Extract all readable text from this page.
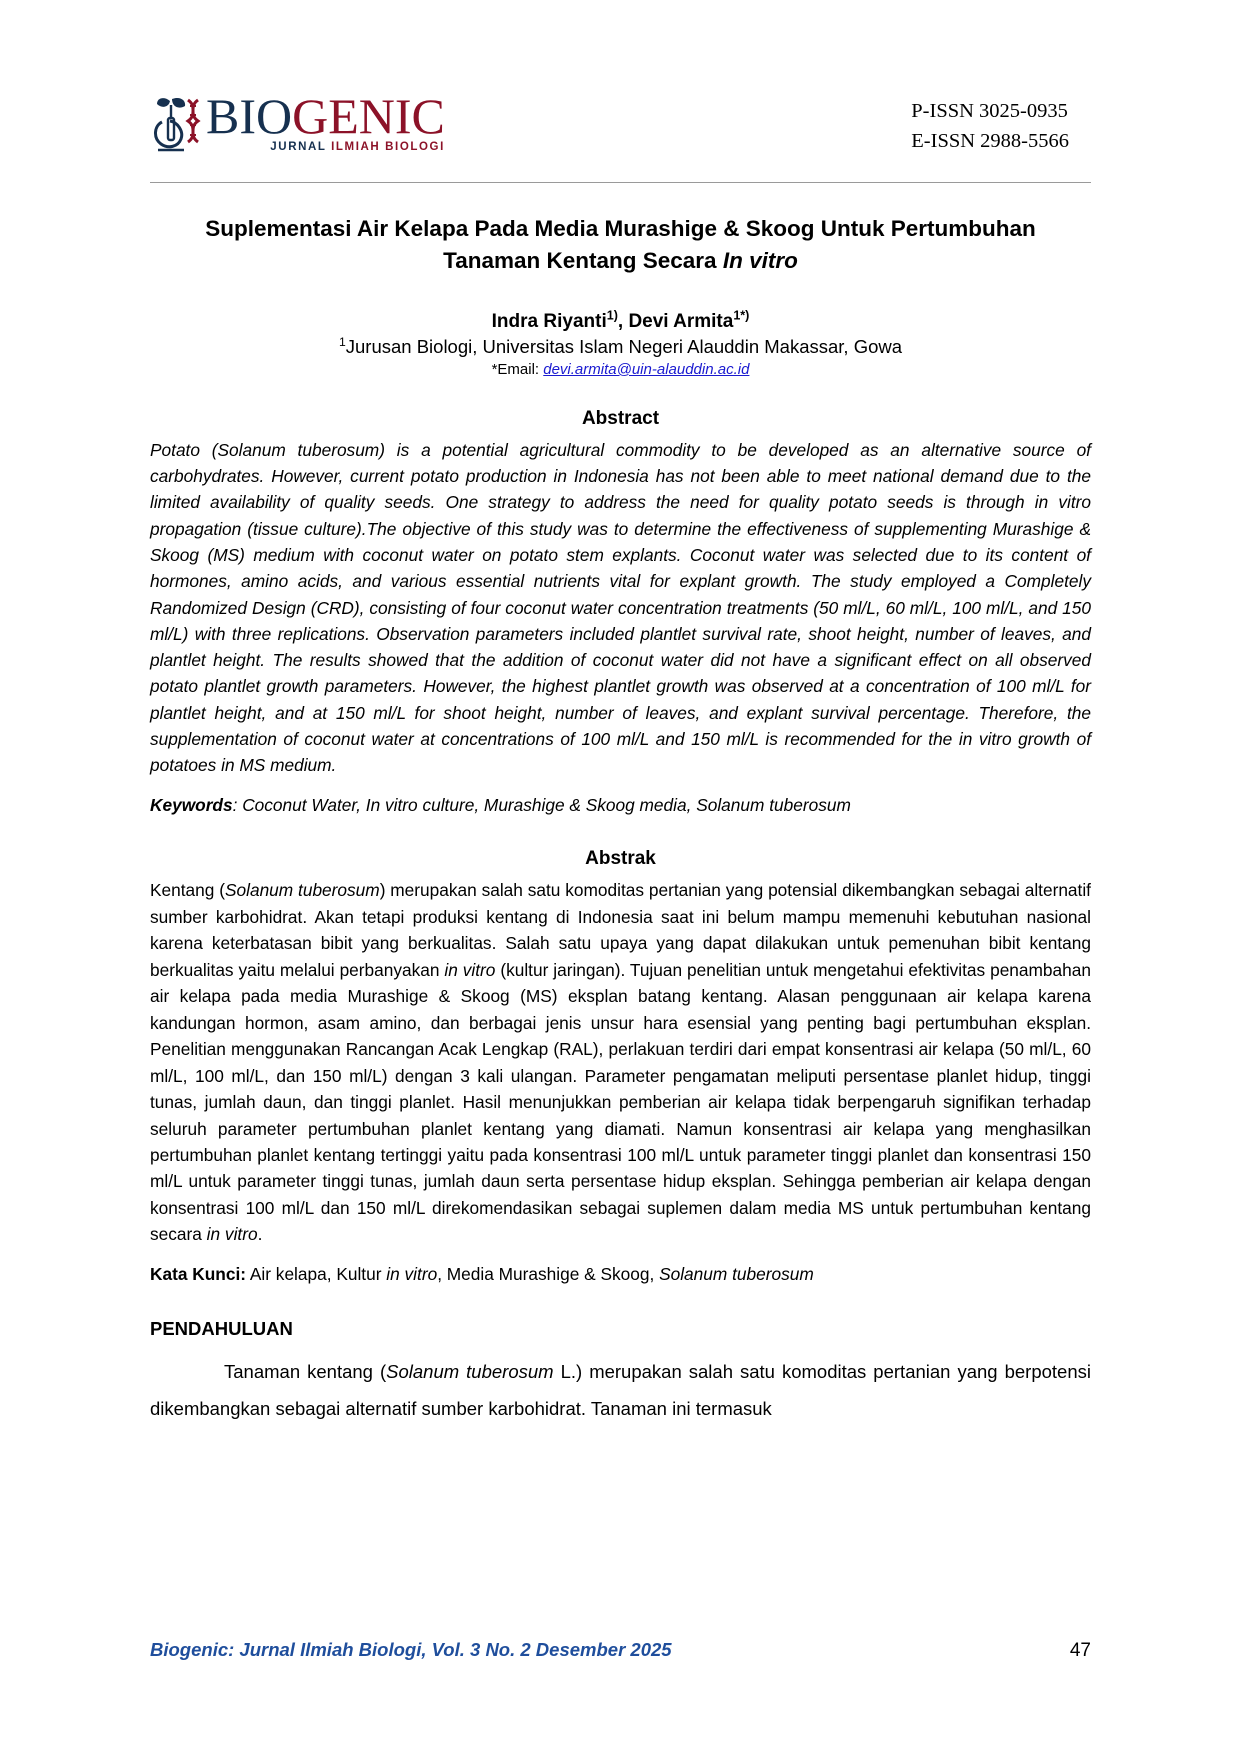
BIOGENIC
JURNAL ILMIAH BIOLOGI
P-ISSN 3025-0935
E-ISSN 2988-5566
Suplementasi Air Kelapa Pada Media Murashige & Skoog Untuk Pertumbuhan Tanaman Kentang Secara In vitro
Indra Riyanti$^{1)}$, Devi Armita$^{1*)}$
$^1$Jurusan Biologi, Universitas Islam Negeri Alauddin Makassar, Gowa
*Email: devi.armita@uin-alauddin.ac.id
Abstract
Potato (Solanum tuberosum) is a potential agricultural commodity to be developed as an alternative source of carbohydrates. However, current potato production in Indonesia has not been able to meet national demand due to the limited availability of quality seeds. One strategy to address the need for quality potato seeds is through in vitro propagation (tissue culture).The objective of this study was to determine the effectiveness of supplementing Murashige & Skoog (MS) medium with coconut water on potato stem explants. Coconut water was selected due to its content of hormones, amino acids, and various essential nutrients vital for explant growth. The study employed a Completely Randomized Design (CRD), consisting of four coconut water concentration treatments (50 ml/L, 60 ml/L, 100 ml/L, and 150 ml/L) with three replications. Observation parameters included plantlet survival rate, shoot height, number of leaves, and plantlet height. The results showed that the addition of coconut water did not have a significant effect on all observed potato plantlet growth parameters. However, the highest plantlet growth was observed at a concentration of 100 ml/L for plantlet height, and at 150 ml/L for shoot height, number of leaves, and explant survival percentage. Therefore, the supplementation of coconut water at concentrations of 100 ml/L and 150 ml/L is recommended for the in vitro growth of potatoes in MS medium.
Keywords: Coconut Water, In vitro culture, Murashige & Skoog media, Solanum tuberosum
Abstrak
Kentang (Solanum tuberosum) merupakan salah satu komoditas pertanian yang potensial dikembangkan sebagai alternatif sumber karbohidrat. Akan tetapi produksi kentang di Indonesia saat ini belum mampu memenuhi kebutuhan nasional karena keterbatasan bibit yang berkualitas. Salah satu upaya yang dapat dilakukan untuk pemenuhan bibit kentang berkualitas yaitu melalui perbanyakan in vitro (kultur jaringan). Tujuan penelitian untuk mengetahui efektivitas penambahan air kelapa pada media Murashige & Skoog (MS) eksplan batang kentang. Alasan penggunaan air kelapa karena kandungan hormon, asam amino, dan berbagai jenis unsur hara esensial yang penting bagi pertumbuhan eksplan. Penelitian menggunakan Rancangan Acak Lengkap (RAL), perlakuan terdiri dari empat konsentrasi air kelapa (50 ml/L, 60 ml/L, 100 ml/L, dan 150 ml/L) dengan 3 kali ulangan. Parameter pengamatan meliputi persentase planlet hidup, tinggi tunas, jumlah daun, dan tinggi planlet. Hasil menunjukkan pemberian air kelapa tidak berpengaruh signifikan terhadap seluruh parameter pertumbuhan planlet kentang yang diamati. Namun konsentrasi air kelapa yang menghasilkan pertumbuhan planlet kentang tertinggi yaitu pada konsentrasi 100 ml/L untuk parameter tinggi planlet dan konsentrasi 150 ml/L untuk parameter tinggi tunas, jumlah daun serta persentase hidup eksplan. Sehingga pemberian air kelapa dengan konsentrasi 100 ml/L dan 150 ml/L direkomendasikan sebagai suplemen dalam media MS untuk pertumbuhan kentang secara in vitro.
Kata Kunci: Air kelapa, Kultur in vitro, Media Murashige & Skoog, Solanum tuberosum
PENDAHULUAN
Tanaman kentang (Solanum tuberosum L.) merupakan salah satu komoditas pertanian yang berpotensi dikembangkan sebagai alternatif sumber karbohidrat. Tanaman ini termasuk
Biogenic: Jurnal Ilmiah Biologi, Vol. 3 No. 2 Desember 2025	47
